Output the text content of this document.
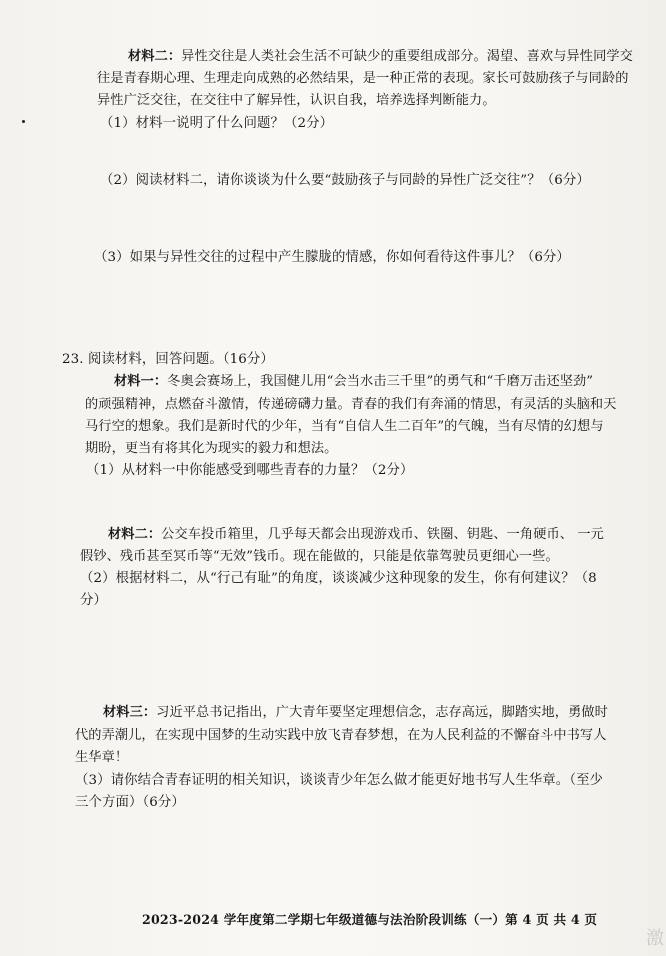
材料二：异性交往是人类社会生活不可缺少的重要组成部分。渴望、喜欢与异性同学交
往是青春期心理、生理走向成熟的必然结果，是一种正常的表现。家长可鼓励孩子与同龄的
异性广泛交往，在交往中了解异性，认识自我，培养选择判断能力。
（1）材料一说明了什么问题？（2分）
（2）阅读材料二，请你谈谈为什么要“鼓励孩子与同龄的异性广泛交往”？（6分）
（3）如果与异性交往的过程中产生朦胧的情感，你如何看待这件事儿？（6分）
23. 阅读材料，回答问题。（16分）
材料一：冬奥会赛场上，我国健儿用“会当水击三千里”的勇气和“千磨万击还坚劲”
的顽强精神，点燃奋斗激情，传递磅礴力量。青春的我们有奔涌的情思，有灵活的头脑和天
马行空的想象。我们是新时代的少年，当有“自信人生二百年”的气魄，当有尽情的幻想与
期盼，更当有将其化为现实的毅力和想法。
（1）从材料一中你能感受到哪些青春的力量？（2分）
材料二：公交车投币箱里，几乎每天都会出现游戏币、铁圈、钥匙、一角硬币、 一元
假钞、残币甚至冥币等“无效”钱币。现在能做的，只能是依靠驾驶员更细心一些。
（2）根据材料二，从“行己有耻”的角度，谈谈减少这种现象的发生，你有何建议？（8
分）
材料三：习近平总书记指出，广大青年要坚定理想信念，志存高远，脚踏实地，勇做时
代的弄潮儿，在实现中国梦的生动实践中放飞青春梦想，在为人民利益的不懈奋斗中书写人
生华章！
（3）请你结合青春证明的相关知识，谈谈青少年怎么做才能更好地书写人生华章。（至少
三个方面）（6分）
2023-2024 学年度第二学期七年级道德与法治阶段训练（一）第 4 页 共 4 页
激
